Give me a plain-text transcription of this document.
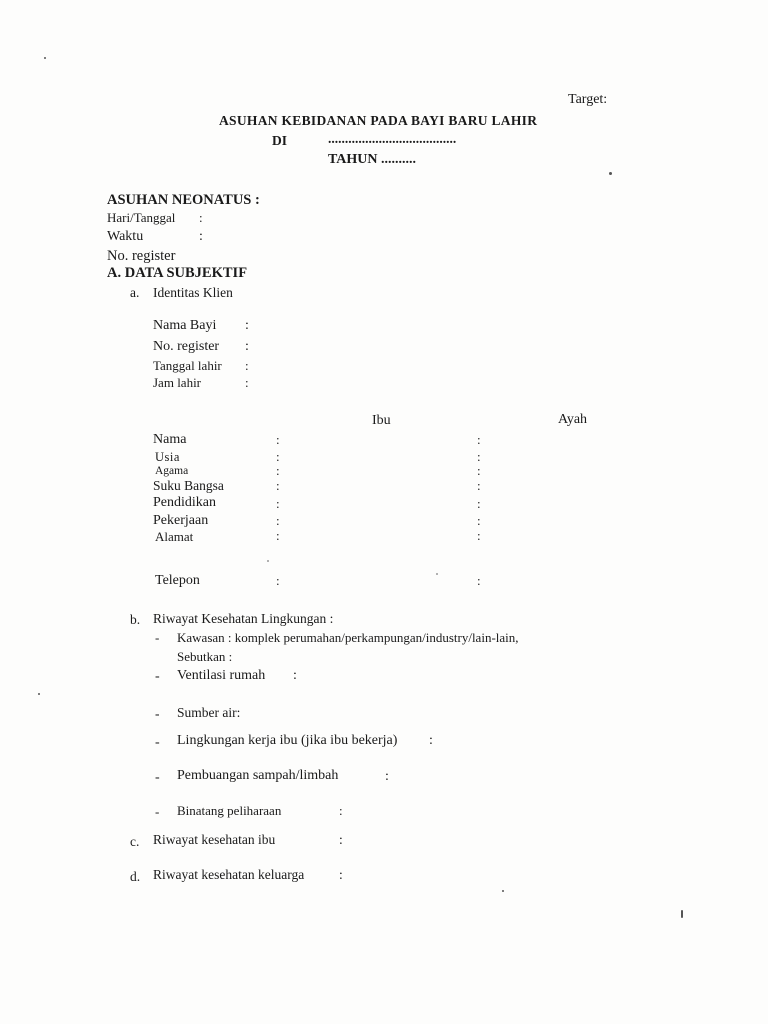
Target:
ASUHAN KEBIDANAN PADA BAYI BARU LAHIR
DI	......................................
TAHUN ..........
ASUHAN NEONATUS :
Hari/Tanggal :
Waktu	:
No. register
A. DATA SUBJEKTIF
a. Identitas Klien
Nama Bayi :
No. register :
Tanggal lahir :
Jam lahir	:
Ibu	Ayah
Nama	:	:
Usia	:	:
Agama	:	:
Suku Bangsa	:	:
Pendidikan	:	:
Pekerjaan	:	:
Alamat	:	:
Telepon	:	:
b. Riwayat Kesehatan Lingkungan :
- Kawasan : komplek perumahan/perkampungan/industry/lain-lain,
Sebutkan :
- Ventilasi rumah :
- Sumber air:
- Lingkungan kerja ibu (jika ibu bekerja) :
- Pembuangan sampah/limbah	:
- Binatang peliharaan	:
c. Riwayat kesehatan ibu	:
d. Riwayat kesehatan keluarga	:
